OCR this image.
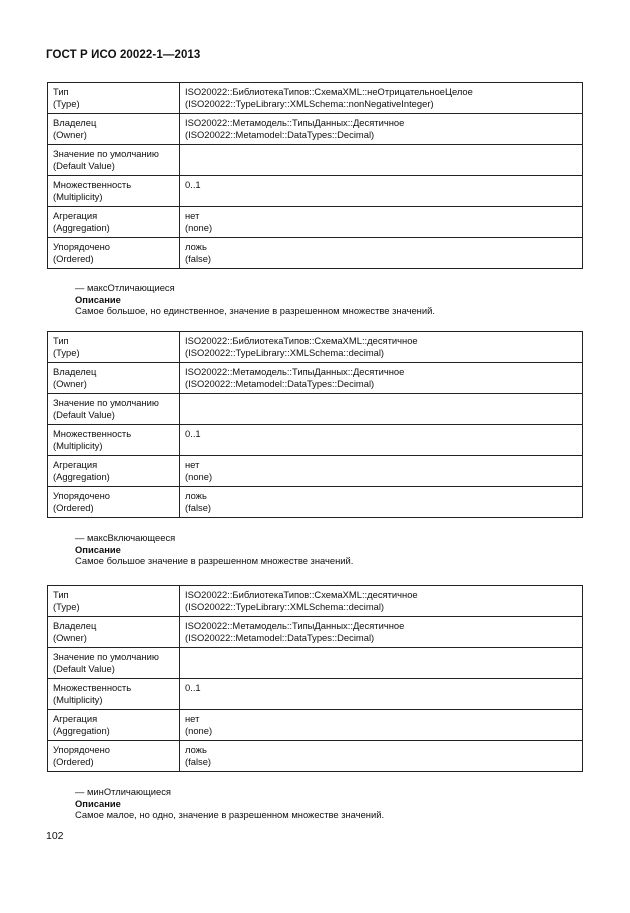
ГОСТ Р ИСО 20022-1—2013
Тип
(Type)	ISO20022::БиблиотекаТипов::СхемаXML::неОтрицательноеЦелое
(ISO20022::TypeLibrary::XMLSchema::nonNegativeInteger)

Владелец
(Owner)	ISO20022::Метамодель::ТипыДанных::Десятичное
(ISO20022::Metamodel::DataTypes::Decimal)

Значение по умолчанию
(Default Value)	

Множественность
(Multiplicity)	0..1

Агрегация
(Aggregation)	нет
(none)

Упорядочено
(Ordered)	ложь
(false)
— максОтличающиеся
Описание
Самое большое, но единственное, значение в разрешенном множестве значений.
Тип
(Type)	ISO20022::БиблиотекаТипов::СхемаXML::десятичное
(ISO20022::TypeLibrary::XMLSchema::decimal)

Владелец
(Owner)	ISO20022::Метамодель::ТипыДанных::Десятичное
(ISO20022::Metamodel::DataTypes::Decimal)

Значение по умолчанию
(Default Value)	

Множественность
(Multiplicity)	0..1

Агрегация
(Aggregation)	нет
(none)

Упорядочено
(Ordered)	ложь
(false)
— максВключающееся
Описание
Самое большое значение в разрешенном множестве значений.
Тип
(Type)	ISO20022::БиблиотекаТипов::СхемаXML::десятичное
(ISO20022::TypeLibrary::XMLSchema::decimal)

Владелец
(Owner)	ISO20022::Метамодель::ТипыДанных::Десятичное
(ISO20022::Metamodel::DataTypes::Decimal)

Значение по умолчанию
(Default Value)	

Множественность
(Multiplicity)	0..1

Агрегация
(Aggregation)	нет
(none)

Упорядочено
(Ordered)	ложь
(false)
— минОтличающиеся
Описание
Самое малое, но одно, значение в разрешенном множестве значений.
102
